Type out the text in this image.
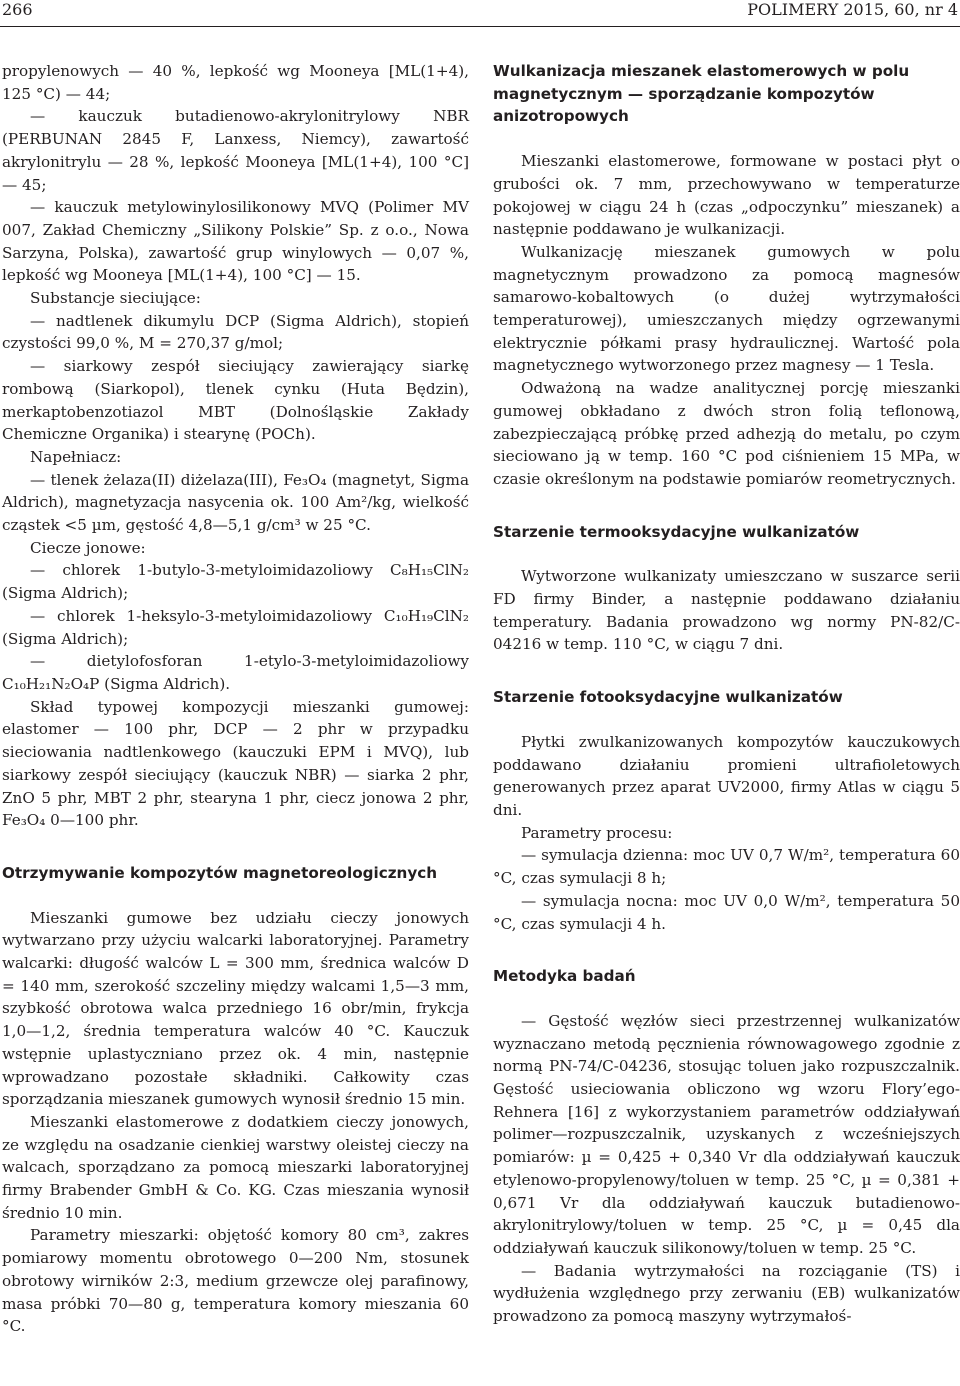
266	POLIMERY 2015, 60, nr 4

propylenowych — 40 %, lepkość wg Mooneya [ML(1+4), 125 °C) — 44;

— kauczuk butadienowo-akrylonitrylowy NBR (PERBUNAN 2845 F, Lanxess, Niemcy), zawartość akrylonitrylu — 28 %, lepkość Mooneya [ML(1+4), 100 °C] — 45;

— kauczuk metylowinylosilikonowy MVQ (Polimer MV 007, Zakład Chemiczny „Silikony Polskie” Sp. z o.o., Nowa Sarzyna, Polska), zawartość grup winylowych — 0,07 %, lepkość wg Mooneya [ML(1+4), 100 °C] — 15.

Substancje sieciujące:

— nadtlenek dikumylu DCP (Sigma Aldrich), stopień czystości 99,0 %, M = 270,37 g/mol;

— siarkowy zespół sieciujący zawierający siarkę rombową (Siarkopol), tlenek cynku (Huta Będzin), merkaptobenzotiazol MBT (Dolnośląskie Zakłady Chemiczne Organika) i stearynę (POCh).

Napełniacz:

— tlenek żelaza(II) diżelaza(III), Fe₃O₄ (magnetyt, Sigma Aldrich), magnetyzacja nasycenia ok. 100 Am²/kg, wielkość cząstek <5 µm, gęstość 4,8—5,1 g/cm³ w 25 °C.

Ciecze jonowe:

— chlorek 1-butylo-3-metyloimidazoliowy C₈H₁₅ClN₂ (Sigma Aldrich);

— chlorek 1-heksylo-3-metyloimidazoliowy C₁₀H₁₉ClN₂ (Sigma Aldrich);

— dietylofosforan 1-etylo-3-metyloimidazoliowy C₁₀H₂₁N₂O₄P (Sigma Aldrich).

Skład typowej kompozycji mieszanki gumowej: elastomer — 100 phr, DCP — 2 phr w przypadku sieciowania nadtlenkowego (kauczuki EPM i MVQ), lub siarkowy zespół sieciujący (kauczuk NBR) — siarka 2 phr, ZnO 5 phr, MBT 2 phr, stearyna 1 phr, ciecz jonowa 2 phr, Fe₃O₄ 0—100 phr.

Otrzymywanie kompozytów magnetoreologicznych

Mieszanki gumowe bez udziału cieczy jonowych wytwarzano przy użyciu walcarki laboratoryjnej. Parametry walcarki: długość walców L = 300 mm, średnica walców D = 140 mm, szerokość szczeliny między walcami 1,5—3 mm, szybkość obrotowa walca przedniego 16 obr/min, frykcja 1,0—1,2, średnia temperatura walców 40 °C. Kauczuk wstępnie uplastyczniano przez ok. 4 min, następnie wprowadzano pozostałe składniki. Całkowity czas sporządzania mieszanek gumowych wynosił średnio 15 min.

Mieszanki elastomerowe z dodatkiem cieczy jonowych, ze względu na osadzanie cienkiej warstwy oleistej cieczy na walcach, sporządzano za pomocą mieszarki laboratoryjnej firmy Brabender GmbH & Co. KG. Czas mieszania wynosił średnio 10 min.

Parametry mieszarki: objętość komory 80 cm³, zakres pomiarowy momentu obrotowego 0—200 Nm, stosunek obrotowy wirników 2:3, medium grzewcze olej parafinowy, masa próbki 70—80 g, temperatura komory mieszania 60 °C.

Wulkanizacja mieszanek elastomerowych w polu magnetycznym — sporządzanie kompozytów anizotropowych

Mieszanki elastomerowe, formowane w postaci płyt o grubości ok. 7 mm, przechowywano w temperaturze pokojowej w ciągu 24 h (czas „odpoczynku” mieszanek) a następnie poddawano je wulkanizacji.

Wulkanizację mieszanek gumowych w polu magnetycznym prowadzono za pomocą magnesów samarowo-kobaltowych (o dużej wytrzymałości temperaturowej), umieszczanych między ogrzewanymi elektrycznie półkami prasy hydraulicznej. Wartość pola magnetycznego wytworzonego przez magnesy — 1 Tesla.

Odważoną na wadze analitycznej porcję mieszanki gumowej obkładano z dwóch stron folią teflonową, zabezpieczającą próbkę przed adhezją do metalu, po czym sieciowano ją w temp. 160 °C pod ciśnieniem 15 MPa, w czasie określonym na podstawie pomiarów reometrycznych.

Starzenie termooksydacyjne wulkanizatów

Wytworzone wulkanizaty umieszczano w suszarce serii FD firmy Binder, a następnie poddawano działaniu temperatury. Badania prowadzono wg normy PN-82/C-04216 w temp. 110 °C, w ciągu 7 dni.

Starzenie fotooksydacyjne wulkanizatów

Płytki zwulkanizowanych kompozytów kauczukowych poddawano działaniu promieni ultrafioletowych generowanych przez aparat UV2000, firmy Atlas w ciągu 5 dni.

Parametry procesu:

— symulacja dzienna: moc UV 0,7 W/m², temperatura 60 °C, czas symulacji 8 h;

— symulacja nocna: moc UV 0,0 W/m², temperatura 50 °C, czas symulacji 4 h.

Metodyka badań

— Gęstość węzłów sieci przestrzennej wulkanizatów wyznaczano metodą pęcznienia równowagowego zgodnie z normą PN-74/C-04236, stosując toluen jako rozpuszczalnik. Gęstość usieciowania obliczono wg wzoru Flory’ego-Rehnera [16] z wykorzystaniem parametrów oddziaływań polimer—rozpuszczalnik, uzyskanych z wcześniejszych pomiarów: µ = 0,425 + 0,340 Vr dla oddziaływań kauczuk etylenowo-propylenowy/toluen w temp. 25 °C, µ = 0,381 + 0,671 Vr dla oddziaływań kauczuk butadienowo-akrylonitrylowy/toluen w temp. 25 °C, µ = 0,45 dla oddziaływań kauczuk silikonowy/toluen w temp. 25 °C.

— Badania wytrzymałości na rozciąganie (TS) i wydłużenia względnego przy zerwaniu (EB) wulkanizatów prowadzono za pomocą maszyny wytrzymałoś-
